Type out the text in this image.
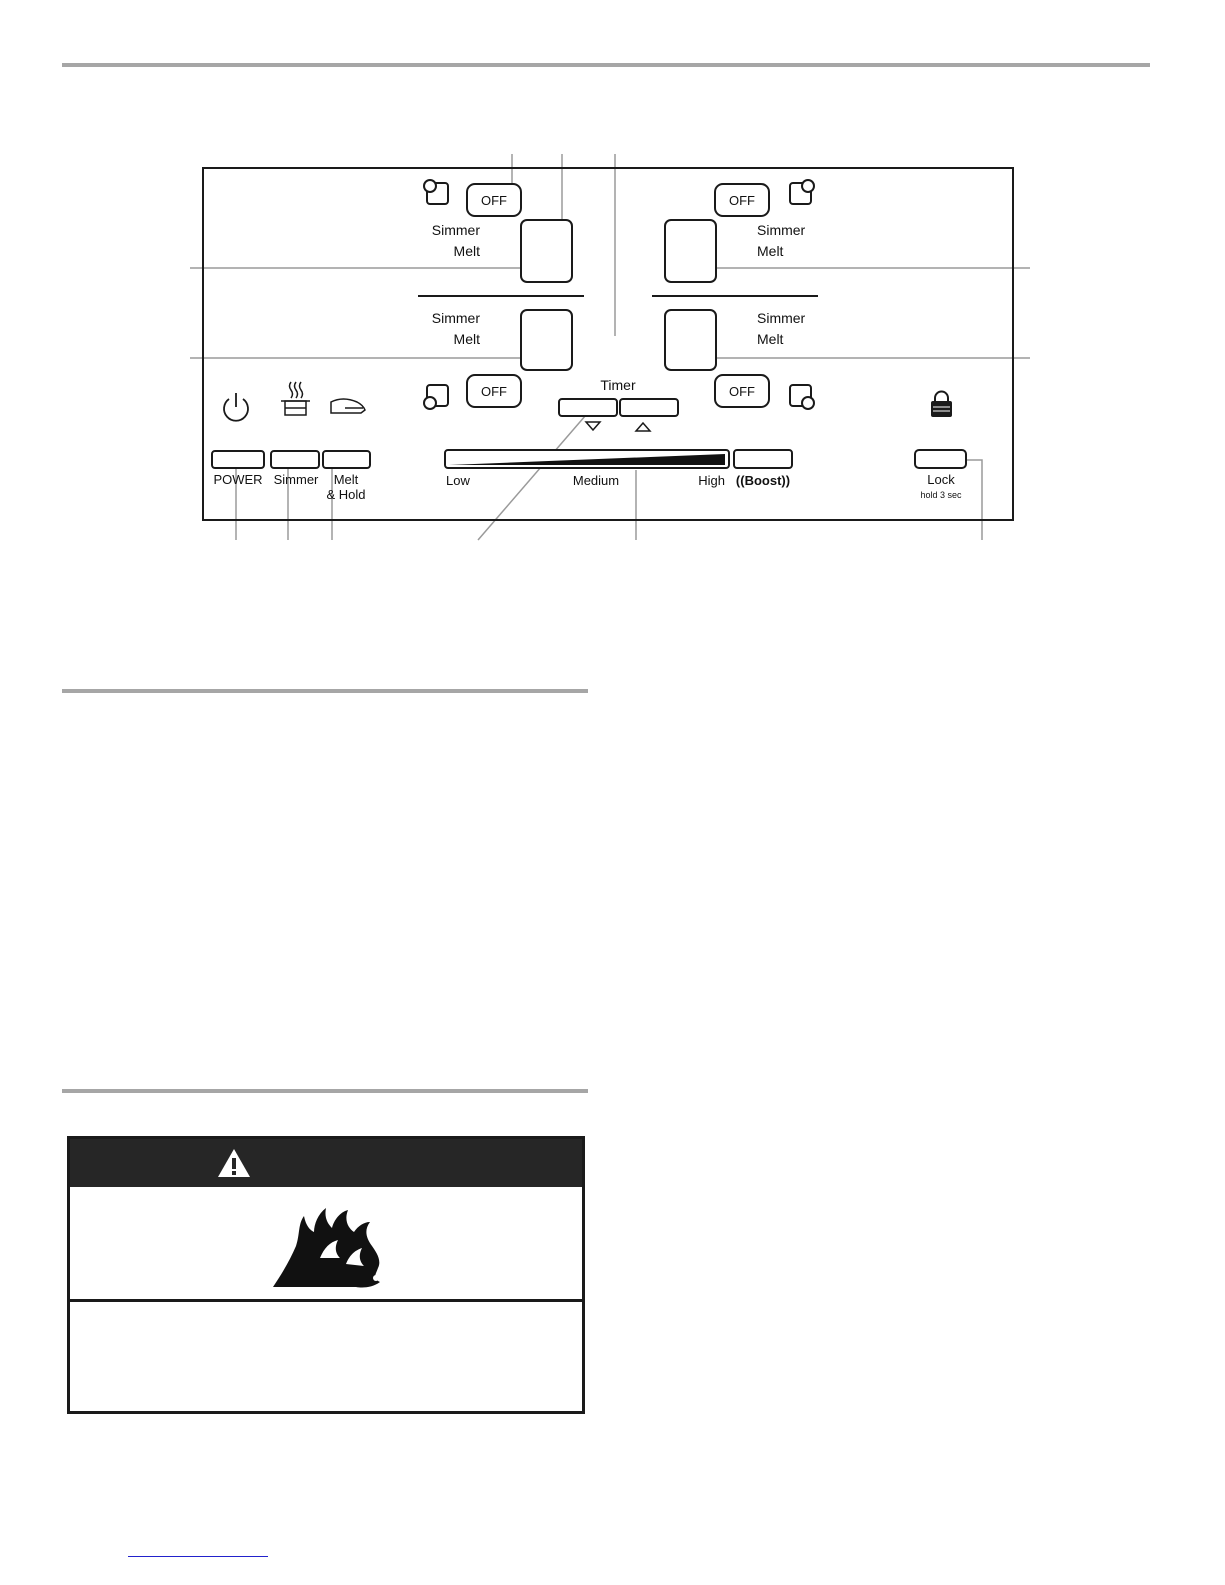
OFF	OFF
OFF	OFF
Simmer
Melt
Simmer
Melt
Simmer
Melt
Simmer
Melt
Timer
POWER Simmer Melt
& Hold
Low	Medium	High ((Boost))	Lock
hold 3 sec
